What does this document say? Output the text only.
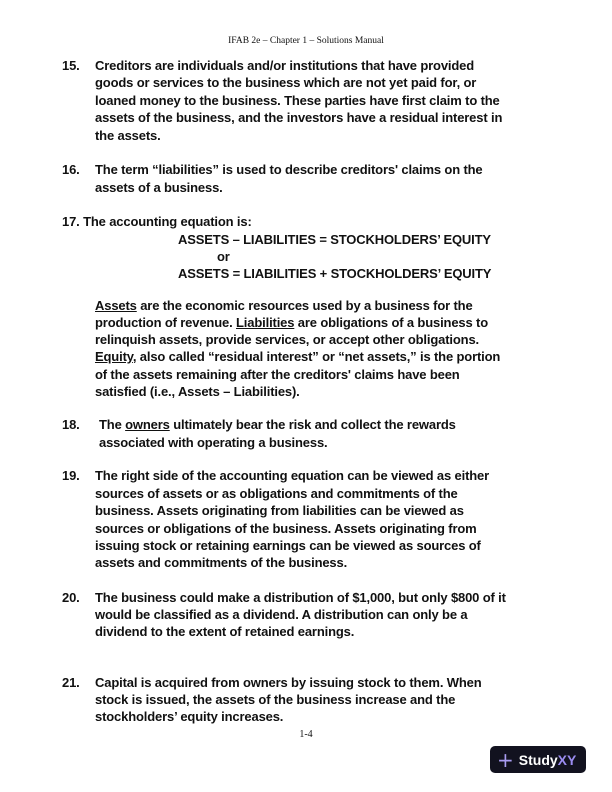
IFAB 2e – Chapter 1 – Solutions Manual
15. Creditors are individuals and/or institutions that have provided
goods or services to the business which are not yet paid for, or
loaned money to the business. These parties have first claim to the
assets of the business, and the investors have a residual interest in
the assets.
16. The term “liabilities” is used to describe creditors' claims on the
assets of a business.
17. The accounting equation is:
ASSETS – LIABILITIES = STOCKHOLDERS’ EQUITY
or
ASSETS = LIABILITIES + STOCKHOLDERS’ EQUITY
Assets are the economic resources used by a business for the
production of revenue. Liabilities are obligations of a business to
relinquish assets, provide services, or accept other obligations.
Equity, also called “residual interest” or “net assets,” is the portion
of the assets remaining after the creditors' claims have been
satisfied (i.e., Assets – Liabilities).
18. The owners ultimately bear the risk and collect the rewards
associated with operating a business.
19. The right side of the accounting equation can be viewed as either
sources of assets or as obligations and commitments of the
business. Assets originating from liabilities can be viewed as
sources or obligations of the business. Assets originating from
issuing stock or retaining earnings can be viewed as sources of
assets and commitments of the business.
20. The business could make a distribution of $1,000, but only $800 of it
would be classified as a dividend. A distribution can only be a
dividend to the extent of retained earnings.
21. Capital is acquired from owners by issuing stock to them. When
stock is issued, the assets of the business increase and the
stockholders’ equity increases.
1-4
+ StudyXY
